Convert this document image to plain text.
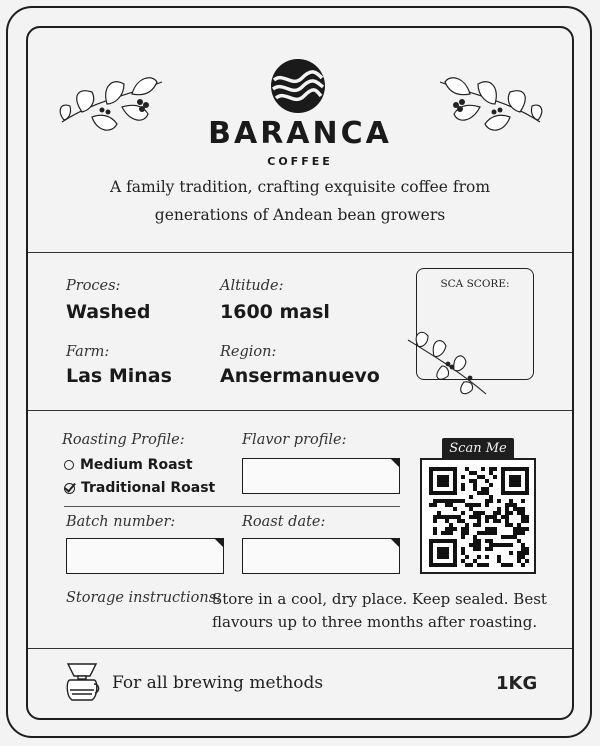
BARANCA
COFFEE
A family tradition, crafting exquisite coffee from
generations of Andean bean growers
Proces:
Washed
Altitude:
1600 masl
Farm:
Las Minas
Region:
Ansermanuevo
SCA SCORE:
Roasting Profile:
Medium Roast
Traditional Roast
Flavor profile:
Batch number:	Roast date:
Scan Me
Storage instructions:
Store in a cool, dry place. Keep sealed. Best
flavours up to three months after roasting.
For all brewing methods	1KG
